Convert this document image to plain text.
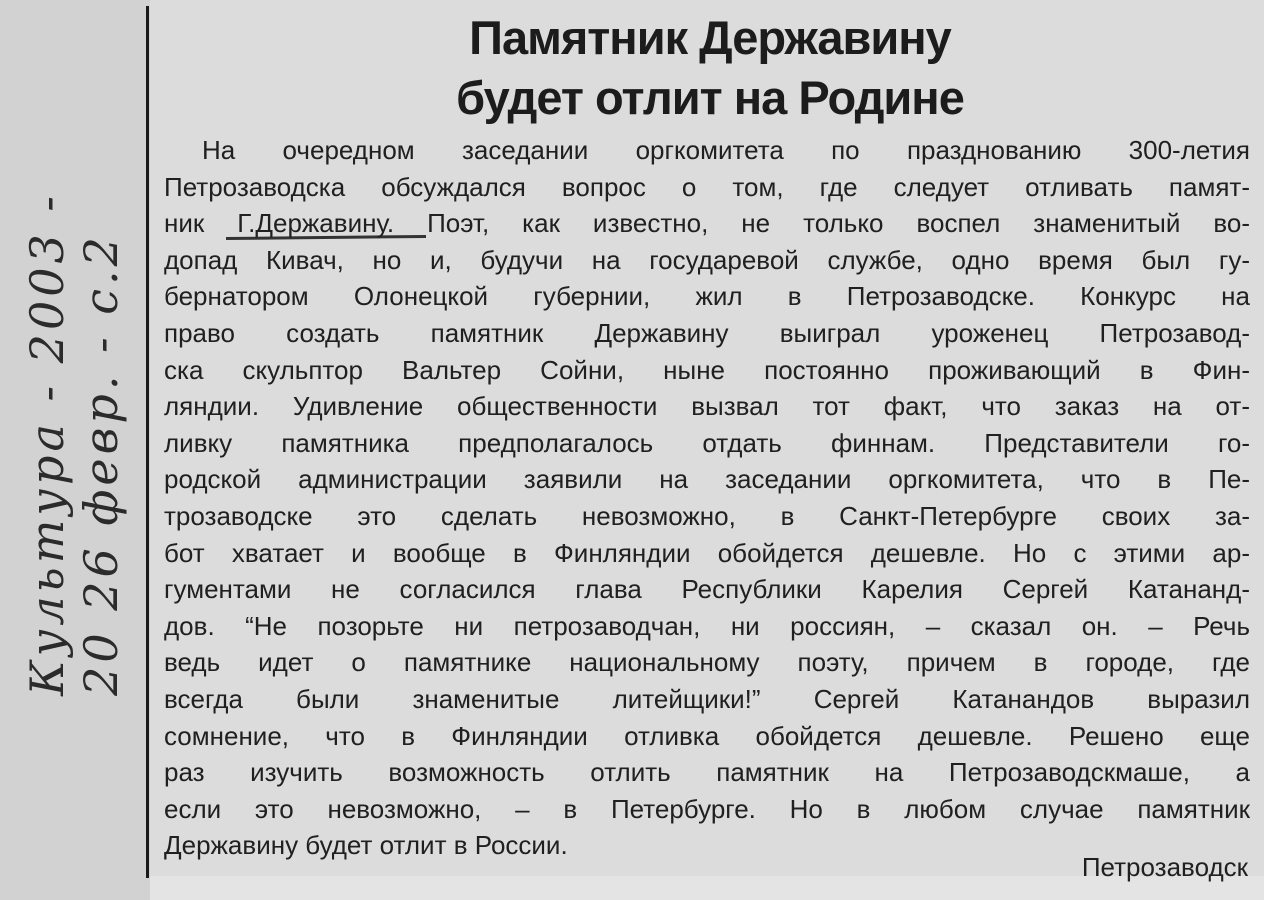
Культура - 2003 - 20 26 февр. - с.2
Памятник Державину
будет отлит на Родине

На очередном заседании оргкомитета по празднованию 300-летия
Петрозаводска обсуждался вопрос о том, где следует отливать памят-
ник Г.Державину. Поэт, как известно, не только воспел знаменитый во-
допад Кивач, но и, будучи на государевой службе, одно время был гу-
бернатором Олонецкой губернии, жил в Петрозаводске. Конкурс на
право создать памятник Державину выиграл уроженец Петрозавод-
ска скульптор Вальтер Сойни, ныне постоянно проживающий в Фин-
ляндии. Удивление общественности вызвал тот факт, что заказ на от-
ливку памятника предполагалось отдать финнам. Представители го-
родской администрации заявили на заседании оргкомитета, что в Пе-
трозаводске это сделать невозможно, в Санкт-Петербурге своих за-
бот хватает и вообще в Финляндии обойдется дешевле. Но с этими ар-
гументами не согласился глава Республики Карелия Сергей Катананд-
дов. “Не позорьте ни петрозаводчан, ни россиян, – сказал он. – Речь
ведь идет о памятнике национальному поэту, причем в городе, где
всегда были знаменитые литейщики!” Сергей Катанандов выразил
сомнение, что в Финляндии отливка обойдется дешевле. Решено еще
раз изучить возможность отлить памятник на Петрозаводскмаше, а
если это невозможно, – в Петербурге. Но в любом случае памятник
Державину будет отлит в России.

Петрозаводск
